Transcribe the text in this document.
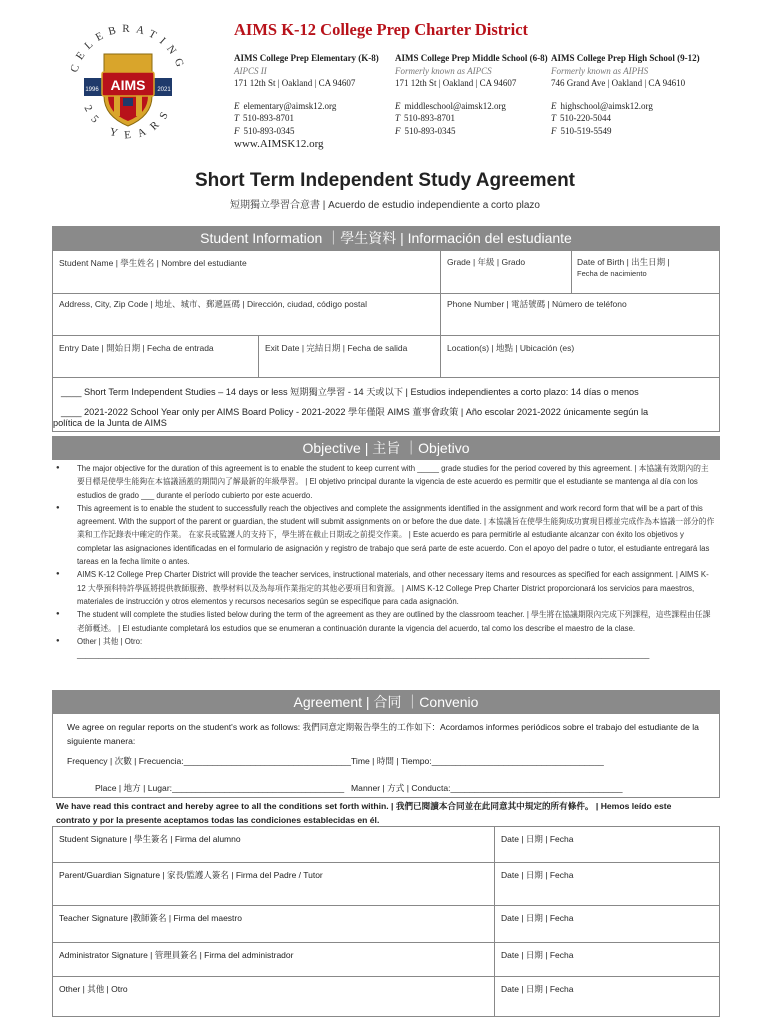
CELEBRATING
25 YEARS
AIMS
1996	2021
AIMS K-12 College Prep Charter District
AIMS College Prep Elementary (K-8)
AIPCS II
171 12th St | Oakland | CA 94607
E elementary@aimsk12.org
T 510-893-8701
F 510-893-0345
AIMS College Prep Middle School (6-8)
Formerly known as AIPCS
171 12th St | Oakland | CA 94607
E middleschool@aimsk12.org
T 510-893-8701
F 510-893-0345
AIMS College Prep High School (9-12)
Formerly known as AIPHS
746 Grand Ave | Oakland | CA 94610
E highschool@aimsk12.org
T 510-220-5044
F 510-519-5549
www.AIMSK12.org
Short Term Independent Study Agreement
短期獨立學習合意書 | Acuerdo de estudio independiente a corto plazo
Student Information ｜學生資料 | Información del estudiante
Student Name | 學生姓名 | Nombre del estudiante	Grade | 年級 | Grado	Date of Birth | 出生日期 |
Fecha de nacimiento
Address, City, Zip Code | 地址、城市、郵遞區碼 | Dirección, ciudad, código postal	Phone Number | 電話號碼 | Número de teléfono
Entry Date | 開始日期 | Fecha de entrada	Exit Date | 完結日期 | Fecha de salida	Location(s) | 地點 | Ubicación (es)
____ Short Term Independent Studies – 14 days or less 短期獨立學習 - 14 天或以下 | Estudios independientes a corto plazo: 14 días o menos
____ 2021-2022 School Year only per AIMS Board Policy - 2021-2022 學年僅限 AIMS 董事會政策 | Año escolar 2021-2022 únicamente según la
política de la Junta de AIMS
Objective | 主旨 ｜Objetivo
● The major objective for the duration of this agreement is to enable the student to keep current with _____ grade studies for the period covered by this agreement. | 本協議有效期內的主要目標是使學生能夠在本協議涵蓋的期間內了解最新的年級學習。 | El objetivo principal durante la vigencia de este acuerdo es permitir que el estudiante se mantenga al día con los estudios de grado ___ durante el período cubierto por este acuerdo.
● This agreement is to enable the student to successfully reach the objectives and complete the assignments identified in the assignment and work record form that will be a part of this agreement. With the support of the parent or guardian, the student will submit assignments on or before the due date. | 本協議旨在使學生能夠成功實現目標並完成作為本協議一部分的作業和工作記錄表中確定的作業。 在家長或監護人的支持下，學生將在截止日期或之前提交作業。 | Este acuerdo es para permitirle al estudiante alcanzar con éxito los objetivos y completar las asignaciones identificadas en el formulario de asignación y registro de trabajo que será parte de este acuerdo. Con el apoyo del padre o tutor, el estudiante entregará las tareas en la fecha límite o antes.
● AIMS K-12 College Prep Charter District will provide the teacher services, instructional materials, and other necessary items and resources as specified for each assignment. | AIMS K-12 大學預科特許學區將提供教師服務、教學材料以及為每項作業指定的其他必要項目和資源。 | AIMS K-12 College Prep Charter District proporcionará los servicios para maestros, materiales de instrucción y otros elementos y recursos necesarios según se especifique para cada asignación.
● The student will complete the studies listed below during the term of the agreement as they are outlined by the classroom teacher. | 學生將在協議期限內完成下列課程，這些課程由任課老師概述。 | El estudiante completará los estudios que se enumeran a continuación durante la vigencia del acuerdo, tal como los describe el maestro de la clase.
● Other | 其他 | Otro: ____________________________________________________________________________________________________________________________________
Agreement | 合同 ｜Convenio
We agree on regular reports on the student's work as follows: 我們同意定期報告學生的工作如下：Acordamos informes periódicos sobre el trabajo del estudiante de la siguiente manera:
Frequency | 次數 | Frecuencia:___________________________________ Time | 時間 | Tiempo:____________________________________
Place | 地方 | Lugar:____________________________________ Manner | 方式 | Conducta:____________________________________
We have read this contract and hereby agree to all the conditions set forth within. | 我們已閱讀本合同並在此同意其中規定的所有條件。 | Hemos leído este contrato y por la presente aceptamos todas las condiciones establecidas en él.
Student Signature | 學生簽名 | Firma del alumno	Date | 日期 | Fecha
Parent/Guardian Signature | 家長/監護人簽名 | Firma del Padre / Tutor	Date | 日期 | Fecha
Teacher Signature |教師簽名 | Firma del maestro	Date | 日期 | Fecha
Administrator Signature | 管理員簽名 | Firma del administrador	Date | 日期 | Fecha
Other | 其他 | Otro	Date | 日期 | Fecha
